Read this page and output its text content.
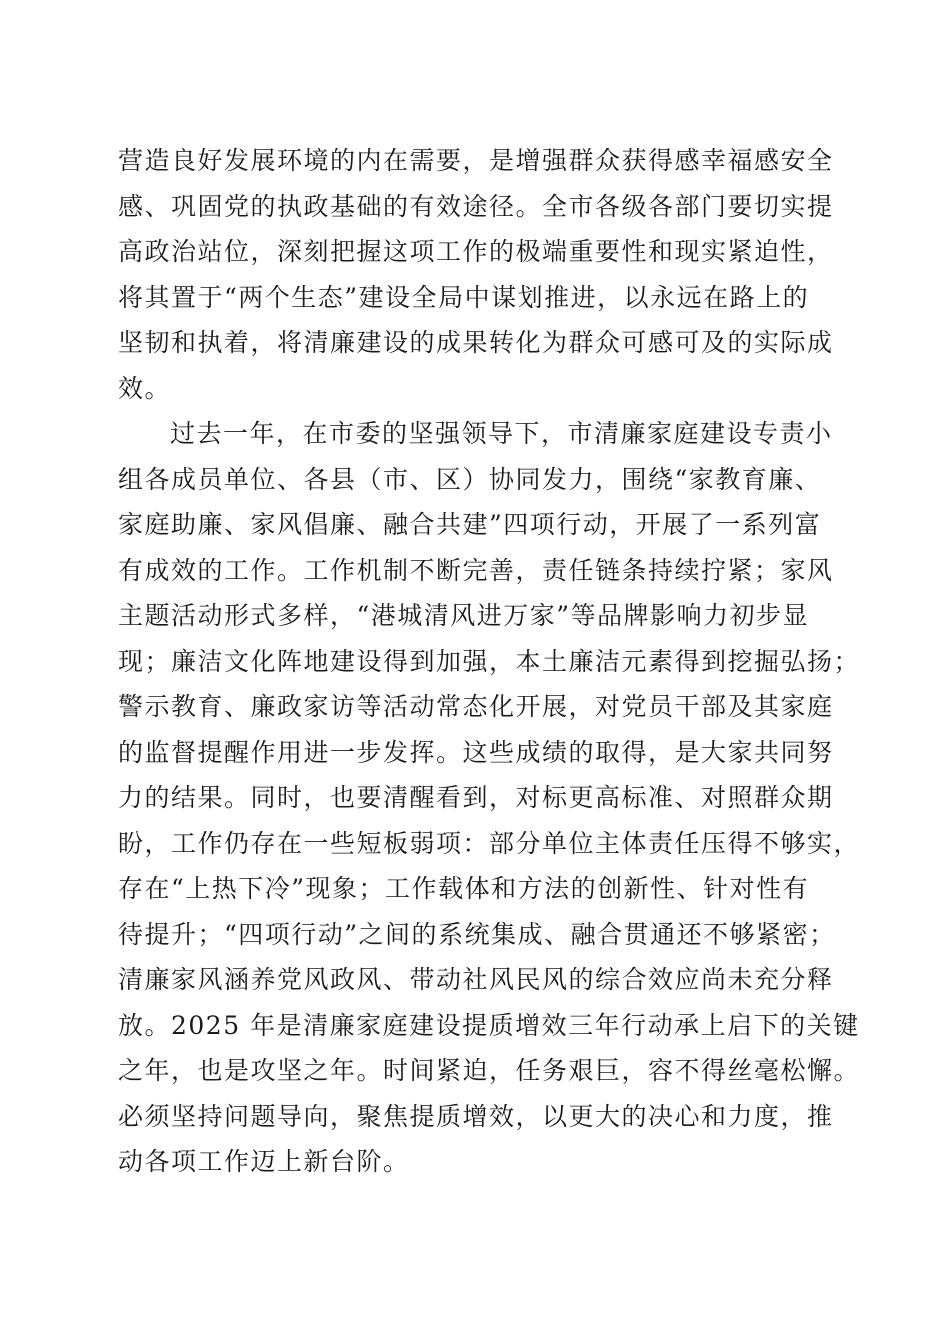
营造良好发展环境的内在需要，是增强群众获得感幸福感安全
感、巩固党的执政基础的有效途径。全市各级各部门要切实提
高政治站位，深刻把握这项工作的极端重要性和现实紧迫性，
将其置于“两个生态”建设全局中谋划推进，以永远在路上的
坚韧和执着，将清廉建设的成果转化为群众可感可及的实际成
效。
过去一年，在市委的坚强领导下，市清廉家庭建设专责小
组各成员单位、各县（市、区）协同发力，围绕“家教育廉、
家庭助廉、家风倡廉、融合共建”四项行动，开展了一系列富
有成效的工作。工作机制不断完善，责任链条持续拧紧；家风
主题活动形式多样，“港城清风进万家”等品牌影响力初步显
现；廉洁文化阵地建设得到加强，本土廉洁元素得到挖掘弘扬；
警示教育、廉政家访等活动常态化开展，对党员干部及其家庭
的监督提醒作用进一步发挥。这些成绩的取得，是大家共同努
力的结果。同时，也要清醒看到，对标更高标准、对照群众期
盼，工作仍存在一些短板弱项：部分单位主体责任压得不够实，
存在“上热下冷”现象；工作载体和方法的创新性、针对性有
待提升；“四项行动”之间的系统集成、融合贯通还不够紧密；
清廉家风涵养党风政风、带动社风民风的综合效应尚未充分释
放。2025 年是清廉家庭建设提质增效三年行动承上启下的关键
之年，也是攻坚之年。时间紧迫，任务艰巨，容不得丝毫松懈。
必须坚持问题导向，聚焦提质增效，以更大的决心和力度，推
动各项工作迈上新台阶。
